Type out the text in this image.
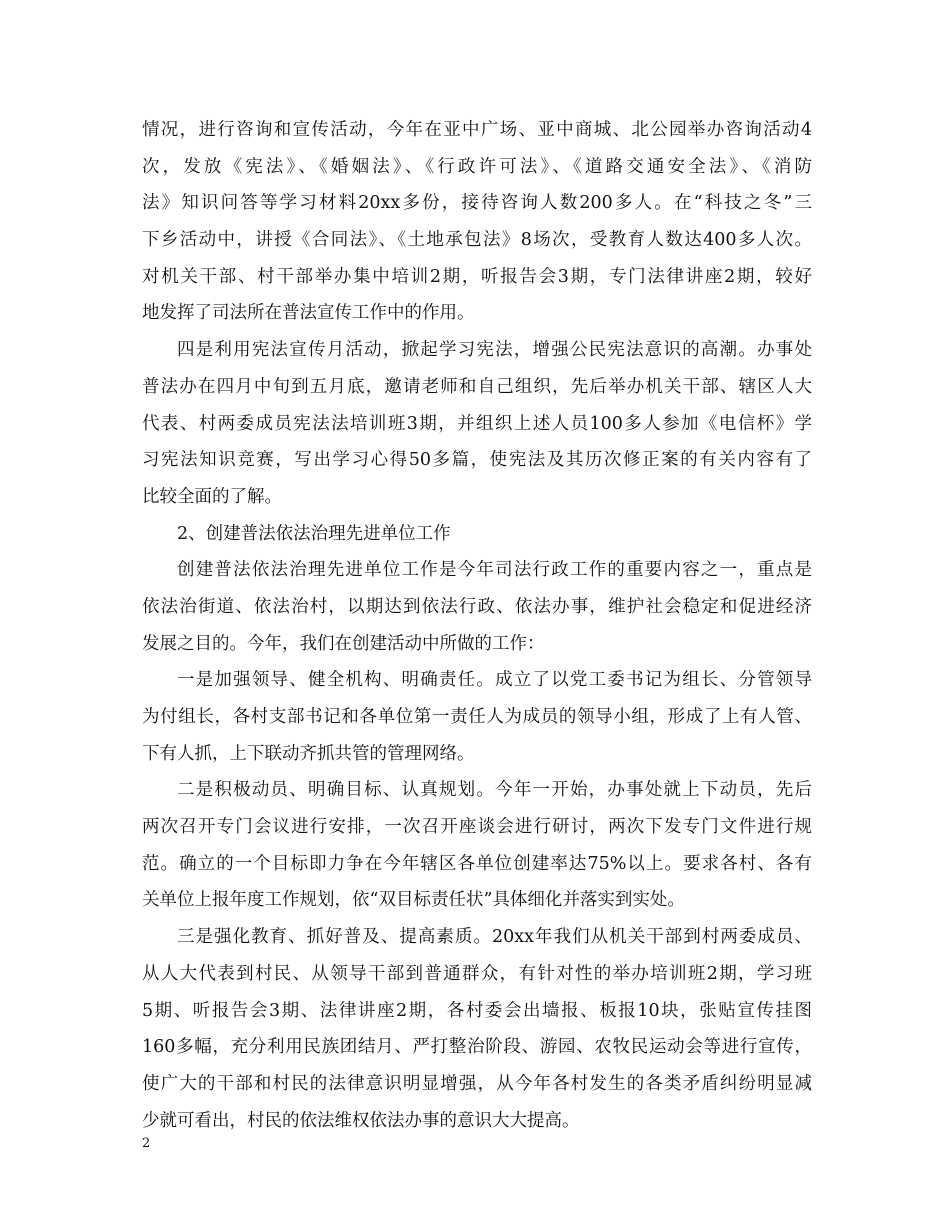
情况，进行咨询和宣传活动，今年在亚中广场、亚中商城、北公园举办咨询活动4
次，发放《宪法》、《婚姻法》、《行政许可法》、《道路交通安全法》、《消防
法》知识问答等学习材料20xx多份，接待咨询人数200多人。在“科技之冬”三
下乡活动中，讲授《合同法》、《土地承包法》8场次，受教育人数达400多人次。
对机关干部、村干部举办集中培训2期，听报告会3期，专门法律讲座2期，较好
地发挥了司法所在普法宣传工作中的作用。
四是利用宪法宣传月活动，掀起学习宪法，增强公民宪法意识的高潮。办事处
普法办在四月中旬到五月底，邀请老师和自己组织，先后举办机关干部、辖区人大
代表、村两委成员宪法法培训班3期，并组织上述人员100多人参加《电信杯》学
习宪法知识竞赛，写出学习心得50多篇，使宪法及其历次修正案的有关内容有了
比较全面的了解。
2、创建普法依法治理先进单位工作
创建普法依法治理先进单位工作是今年司法行政工作的重要内容之一，重点是
依法治街道、依法治村，以期达到依法行政、依法办事，维护社会稳定和促进经济
发展之目的。今年，我们在创建活动中所做的工作：
一是加强领导、健全机构、明确责任。成立了以党工委书记为组长、分管领导
为付组长，各村支部书记和各单位第一责任人为成员的领导小组，形成了上有人管、
下有人抓，上下联动齐抓共管的管理网络。
二是积极动员、明确目标、认真规划。今年一开始，办事处就上下动员，先后
两次召开专门会议进行安排，一次召开座谈会进行研讨，两次下发专门文件进行规
范。确立的一个目标即力争在今年辖区各单位创建率达75%以上。要求各村、各有
关单位上报年度工作规划，依“双目标责任状”具体细化并落实到实处。
三是强化教育、抓好普及、提高素质。20xx年我们从机关干部到村两委成员、
从人大代表到村民、从领导干部到普通群众，有针对性的举办培训班2期，学习班
5期、听报告会3期、法律讲座2期，各村委会出墙报、板报10块，张贴宣传挂图
160多幅，充分利用民族团结月、严打整治阶段、游园、农牧民运动会等进行宣传，
使广大的干部和村民的法律意识明显增强，从今年各村发生的各类矛盾纠纷明显减
少就可看出，村民的依法维权依法办事的意识大大提高。
2
